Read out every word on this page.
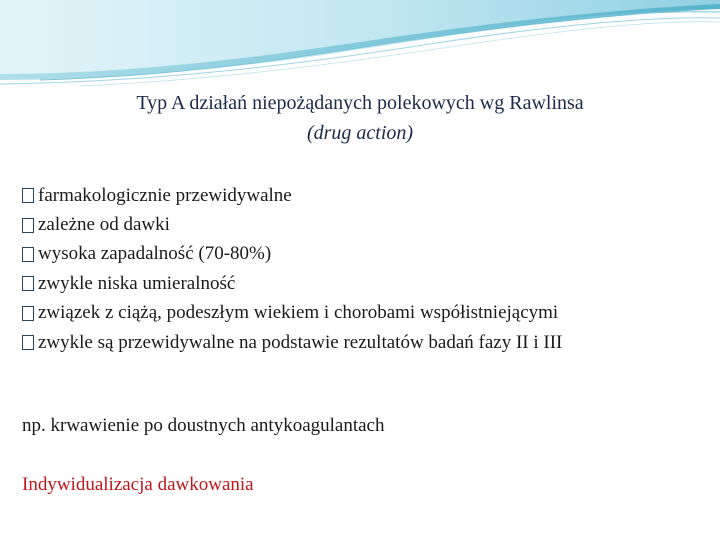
Typ A działań niepożądanych polekowych wg Rawlinsa
(drug action)
farmakologicznie przewidywalne
zależne od dawki
wysoka zapadalność (70-80%)
zwykle niska umieralność
związek z ciążą, podeszłym wiekiem i chorobami współistniejącymi
zwykle są przewidywalne na podstawie rezultatów badań fazy II i III
np. krwawienie po doustnych antykoagulantach
Indywidualizacja dawkowania
